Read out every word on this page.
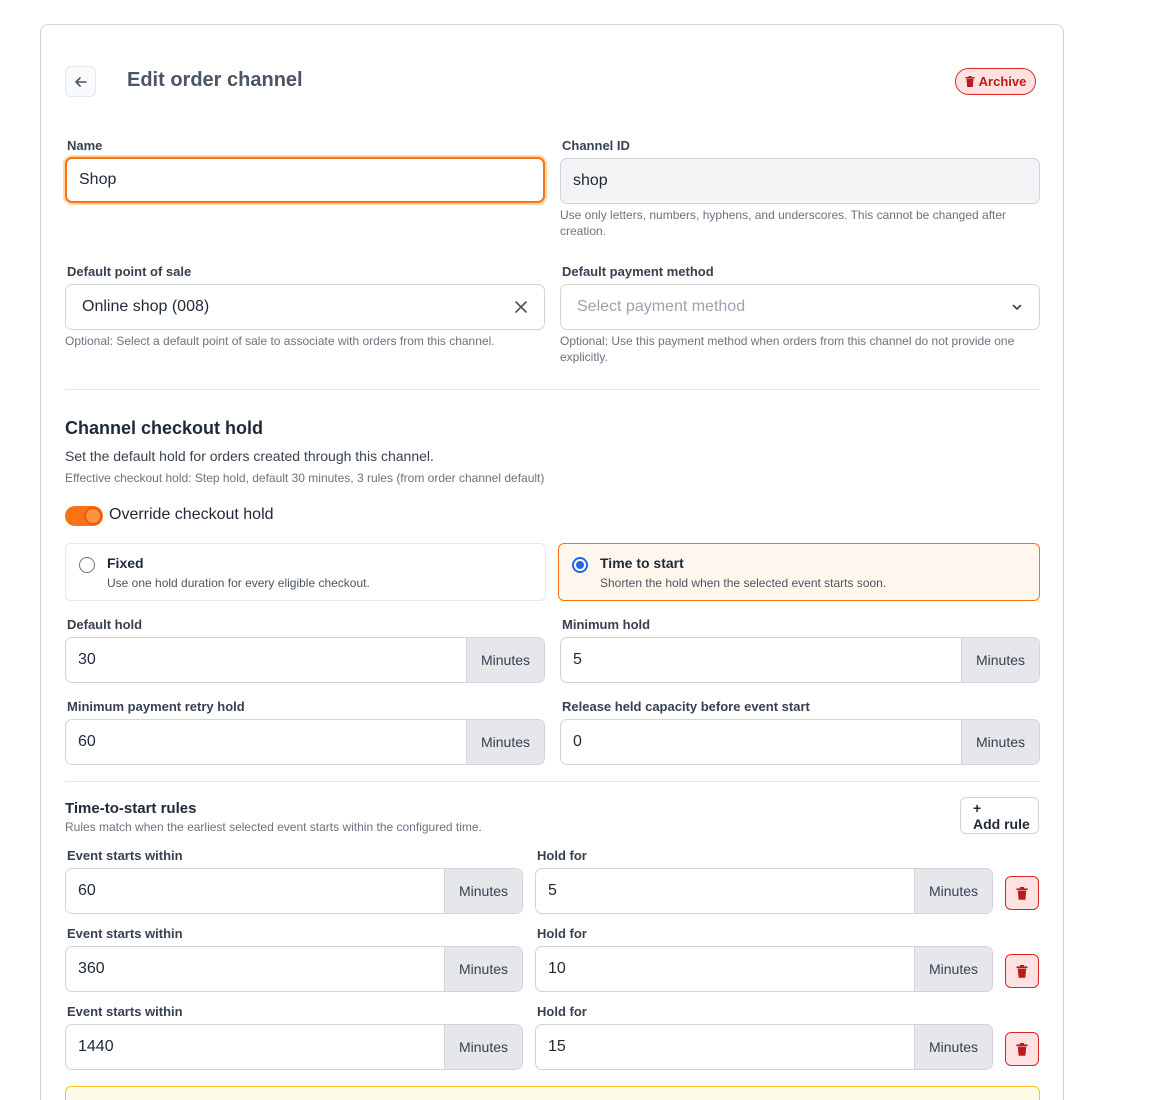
Edit order channel	Archive
Name
Shop
Channel ID
shop
Use only letters, numbers, hyphens, and underscores. This cannot be changed after creation.
Default point of sale
Online shop (008)
Optional: Select a default point of sale to associate with orders from this channel.
Default payment method
Select payment method
Optional: Use this payment method when orders from this channel do not provide one explicitly.
Channel checkout hold
Set the default hold for orders created through this channel.
Effective checkout hold: Step hold, default 30 minutes, 3 rules (from order channel default)
Override checkout hold
Fixed
Use one hold duration for every eligible checkout.
Time to start
Shorten the hold when the selected event starts soon.
Default hold
30	Minutes
Minimum hold
5	Minutes
Minimum payment retry hold
60	Minutes
Release held capacity before event start
0	Minutes
Time-to-start rules
Rules match when the earliest selected event starts within the configured time.
+
Add rule
Event starts within
60	Minutes
Hold for
5	Minutes
Event starts within
360	Minutes
Hold for
10	Minutes
Event starts within
1440	Minutes
Hold for
15	Minutes
